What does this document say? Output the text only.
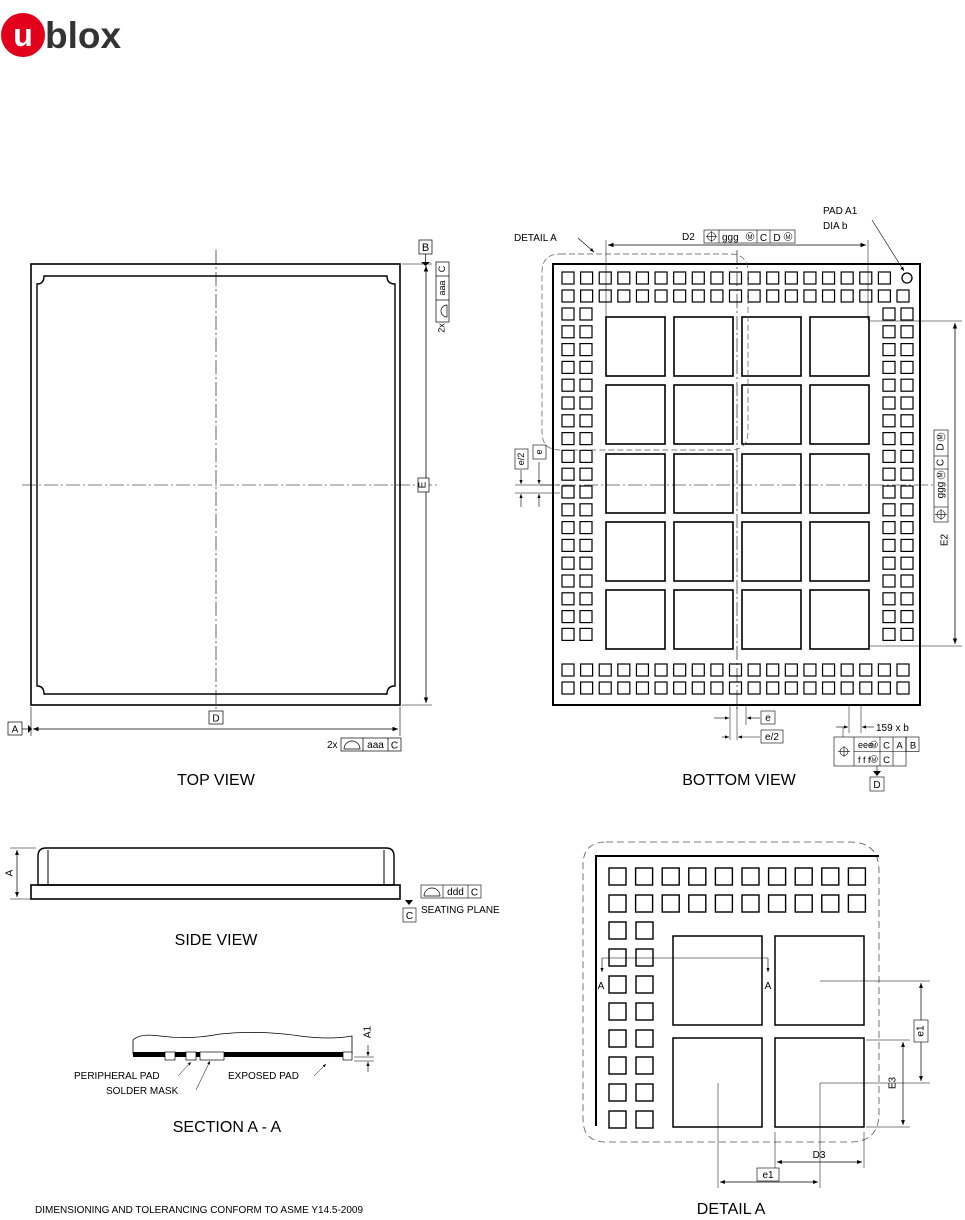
u blox
E
B
C
aaa
2x
D
A
2x	aaa C
TOP VIEW
DETAIL A
PAD A1
DIA b
D2	ggg M C D M
E2
ggg
M
C
D
M
e/2
e
e
e/2
159 x b
eee
M C A B
f f f M C
D
BOTTOM VIEW
A
ddd C
C
SEATING PLANE
SIDE VIEW
A1
PERIPHERAL PAD
SOLDER MASK
EXPOSED PAD
SECTION A - A
A	A
e1
E3
D3
e1
DETAIL A
DIMENSIONING AND TOLERANCING CONFORM TO ASME Y14.5-2009
